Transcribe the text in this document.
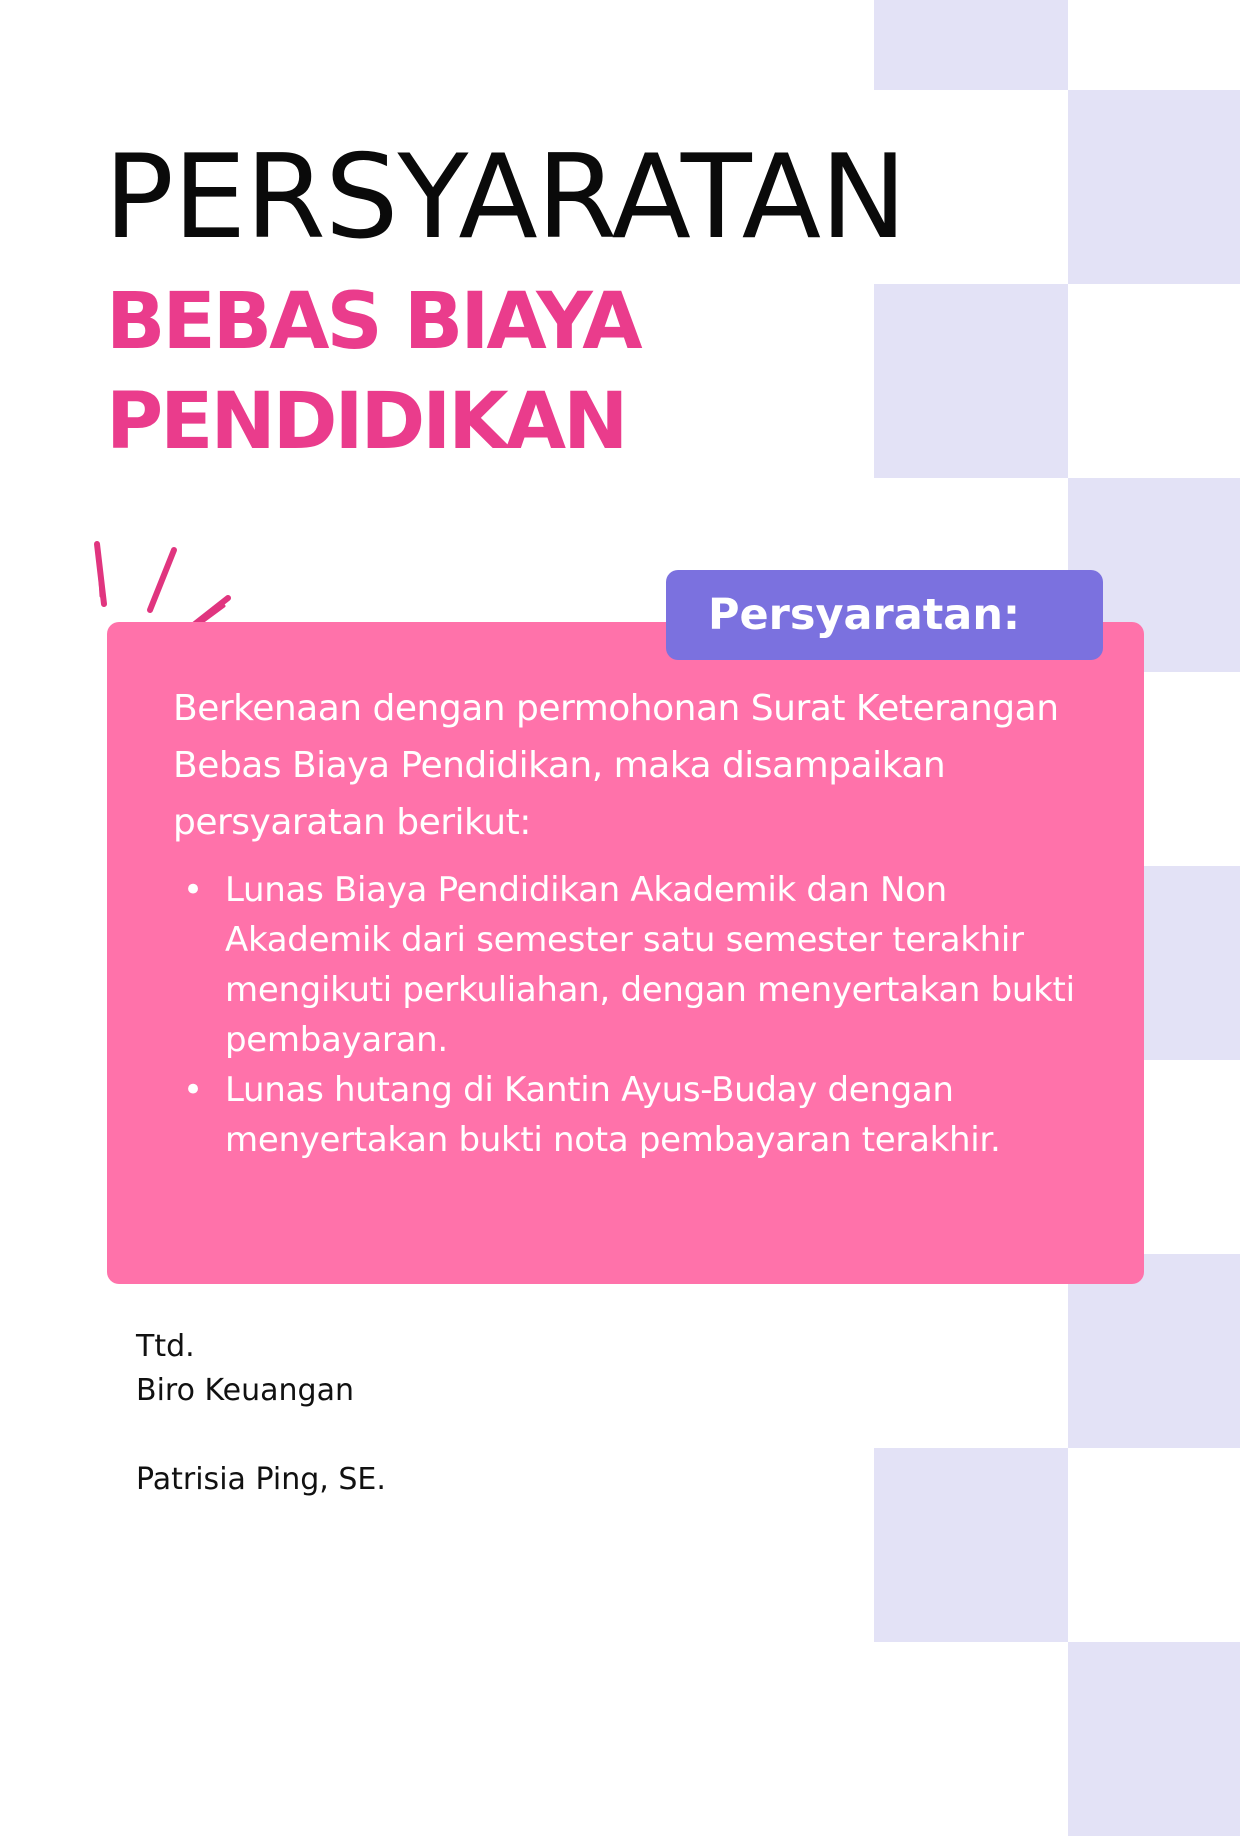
PERSYARATAN
BEBAS BIAYA
PENDIDIKAN

Berkenaan dengan permohonan Surat Keterangan Bebas Biaya Pendidikan, maka disampaikan persyaratan berikut:

• Lunas Biaya Pendidikan Akademik dan Non Akademik dari semester satu semester terakhir mengikuti perkuliahan, dengan menyertakan bukti pembayaran.
• Lunas hutang di Kantin Ayus-Buday dengan menyertakan bukti nota pembayaran terakhir.
Persyaratan:
Ttd.
Biro Keuangan
Patrisia Ping, SE.
